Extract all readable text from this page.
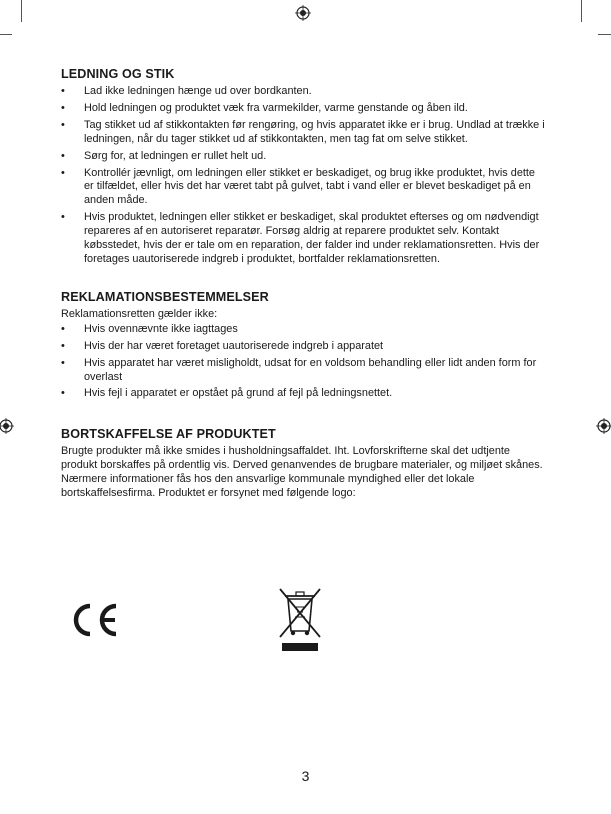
LEDNING OG STIK
• Lad ikke ledningen hænge ud over bordkanten.
• Hold ledningen og produktet væk fra varmekilder, varme genstande og åben ild.
• Tag stikket ud af stikkontakten før rengøring, og hvis apparatet ikke er i brug. Undlad at trække i ledningen, når du tager stikket ud af stikkontakten, men tag fat om selve stikket.
• Sørg for, at ledningen er rullet helt ud.
• Kontrollér jævnligt, om ledningen eller stikket er beskadiget, og brug ikke produktet, hvis dette er tilfældet, eller hvis det har været tabt på gulvet, tabt i vand eller er blevet beskadiget på en anden måde.
• Hvis produktet, ledningen eller stikket er beskadiget, skal produktet efterses og om nødvendigt repareres af en autoriseret reparatør. Forsøg aldrig at reparere produktet selv. Kontakt købsstedet, hvis der er tale om en reparation, der falder ind under reklamationsretten. Hvis der foretages uautoriserede indgreb i produktet, bortfalder reklamationsretten.
REKLAMATIONSBESTEMMELSER

Reklamationsretten gælder ikke:

• Hvis ovennævnte ikke iagttages
• Hvis der har været foretaget uautoriserede indgreb i apparatet
• Hvis apparatet har været misligholdt, udsat for en voldsom behandling eller lidt anden form for overlast
• Hvis fejl i apparatet er opstået på grund af fejl på ledningsnettet.
BORTSKAFFELSE AF PRODUKTET

Brugte produkter må ikke smides i husholdningsaffaldet. Iht. Lovforskrifterne skal det udtjente produkt borskaffes på ordentlig vis. Derved genanvendes de brugbare materialer, og miljøet skånes. Nærmere informationer fås hos den ansvarlige kommunale myndighed eller det lokale bortskaffelsesfirma. Produktet er forsynet med følgende logo:

3
